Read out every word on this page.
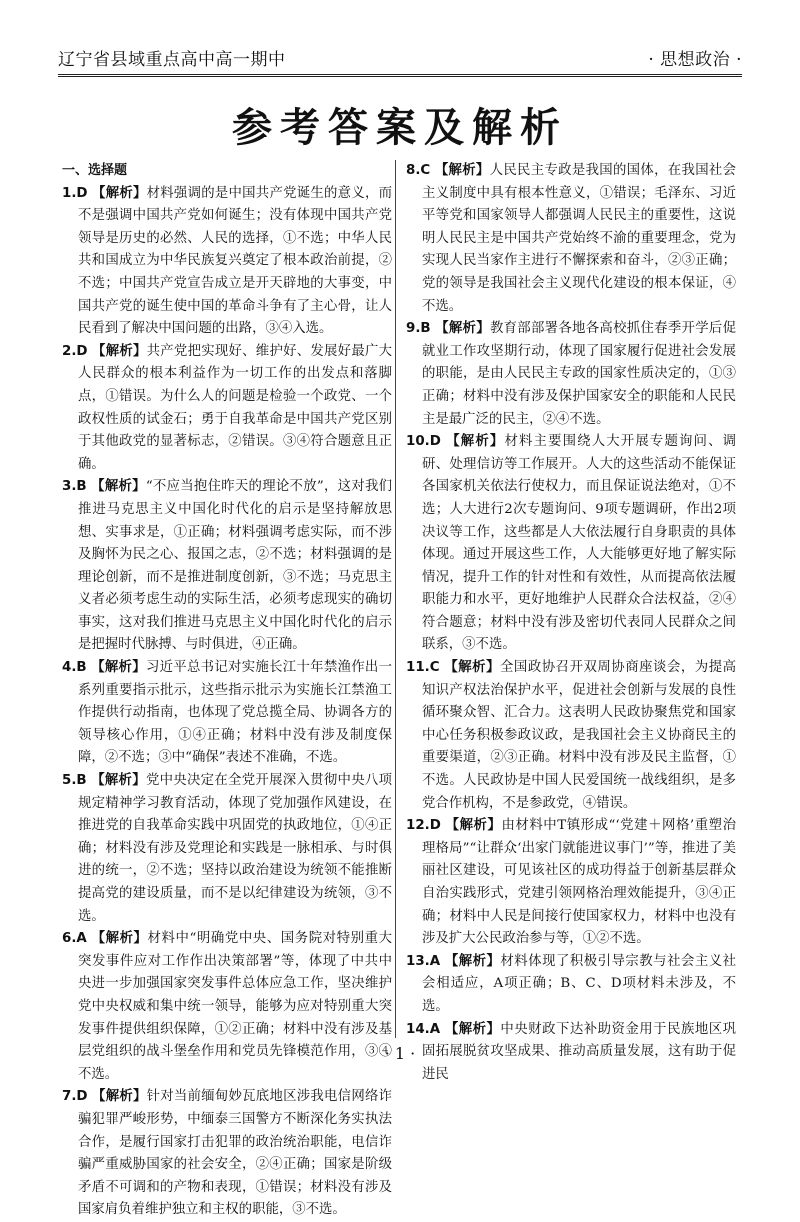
辽宁省县域重点高中高一期中	· 思想政治 ·
参考答案及解析

一、选择题

1.D 【解析】材料强调的是中国共产党诞生的意义，而不是强调中国共产党如何诞生；没有体现中国共产党领导是历史的必然、人民的选择，①不选；中华人民共和国成立为中华民族复兴奠定了根本政治前提，②不选；中国共产党宣告成立是开天辟地的大事变，中国共产党的诞生使中国的革命斗争有了主心骨，让人民看到了解决中国问题的出路，③④入选。

2.D 【解析】共产党把实现好、维护好、发展好最广大人民群众的根本利益作为一切工作的出发点和落脚点，①错误。为什么人的问题是检验一个政党、一个政权性质的试金石；勇于自我革命是中国共产党区别于其他政党的显著标志，②错误。③④符合题意且正确。

3.B 【解析】“不应当抱住昨天的理论不放”，这对我们推进马克思主义中国化时代化的启示是坚持解放思想、实事求是，①正确；材料强调考虑实际，而不涉及胸怀为民之心、报国之志，②不选；材料强调的是理论创新，而不是推进制度创新，③不选；马克思主义者必须考虑生动的实际生活，必须考虑现实的确切事实，这对我们推进马克思主义中国化时代化的启示是把握时代脉搏、与时俱进，④正确。

4.B 【解析】习近平总书记对实施长江十年禁渔作出一系列重要指示批示，这些指示批示为实施长江禁渔工作提供行动指南，也体现了党总揽全局、协调各方的领导核心作用，①④正确；材料中没有涉及制度保障，②不选；③中“确保”表述不准确，不选。

5.B 【解析】党中央决定在全党开展深入贯彻中央八项规定精神学习教育活动，体现了党加强作风建设，在推进党的自我革命实践中巩固党的执政地位，①④正确；材料没有涉及党理论和实践是一脉相承、与时俱进的统一，②不选；坚持以政治建设为统领不能推断提高党的建设质量，而不是以纪律建设为统领，③不选。

6.A 【解析】材料中“明确党中央、国务院对特别重大突发事件应对工作作出决策部署”等，体现了中共中央进一步加强国家突发事件总体应急工作，坚决维护党中央权威和集中统一领导，能够为应对特别重大突发事件提供组织保障，①②正确；材料中没有涉及基层党组织的战斗堡垒作用和党员先锋模范作用，③④不选。

7.D 【解析】针对当前缅甸妙瓦底地区涉我电信网络诈骗犯罪严峻形势，中缅泰三国警方不断深化务实执法合作，是履行国家打击犯罪的政治统治职能，电信诈骗严重威胁国家的社会安全，②④正确；国家是阶级矛盾不可调和的产物和表现，①错误；材料没有涉及国家肩负着维护独立和主权的职能，③不选。

8.C 【解析】人民民主专政是我国的国体，在我国社会主义制度中具有根本性意义，①错误；毛泽东、习近平等党和国家领导人都强调人民民主的重要性，这说明人民民主是中国共产党始终不渝的重要理念，党为实现人民当家作主进行不懈探索和奋斗，②③正确；党的领导是我国社会主义现代化建设的根本保证，④不选。

9.B 【解析】教育部部署各地各高校抓住春季开学后促就业工作攻坚期行动，体现了国家履行促进社会发展的职能，是由人民民主专政的国家性质决定的，①③正确；材料中没有涉及保护国家安全的职能和人民民主是最广泛的民主，②④不选。

10.D 【解析】材料主要围绕人大开展专题询问、调研、处理信访等工作展开。人大的这些活动不能保证各国家机关依法行使权力，而且保证说法绝对，①不选；人大进行2次专题询问、9项专题调研，作出2项决议等工作，这些都是人大依法履行自身职责的具体体现。通过开展这些工作，人大能够更好地了解实际情况，提升工作的针对性和有效性，从而提高依法履职能力和水平，更好地维护人民群众合法权益，②④符合题意；材料中没有涉及密切代表同人民群众之间联系，③不选。

11.C 【解析】全国政协召开双周协商座谈会，为提高知识产权法治保护水平，促进社会创新与发展的良性循环聚众智、汇合力。这表明人民政协聚焦党和国家中心任务积极参政议政，是我国社会主义协商民主的重要渠道，②③正确。材料中没有涉及民主监督，①不选。人民政协是中国人民爱国统一战线组织，是多党合作机构，不是参政党，④错误。

12.D 【解析】由材料中T镇形成“‘党建＋网格’重塑治理格局”“让群众‘出家门就能进议事门’”等，推进了美丽社区建设，可见该社区的成功得益于创新基层群众自治实践形式，党建引领网格治理效能提升，③④正确；材料中人民是间接行使国家权力，材料中也没有涉及扩大公民政治参与等，①②不选。

13.A 【解析】材料体现了积极引导宗教与社会主义社会相适应，A项正确；B、C、D项材料未涉及，不选。

14.A 【解析】中央财政下达补助资金用于民族地区巩固拓展脱贫攻坚成果、推动高质量发展，这有助于促进民

· 1 ·
